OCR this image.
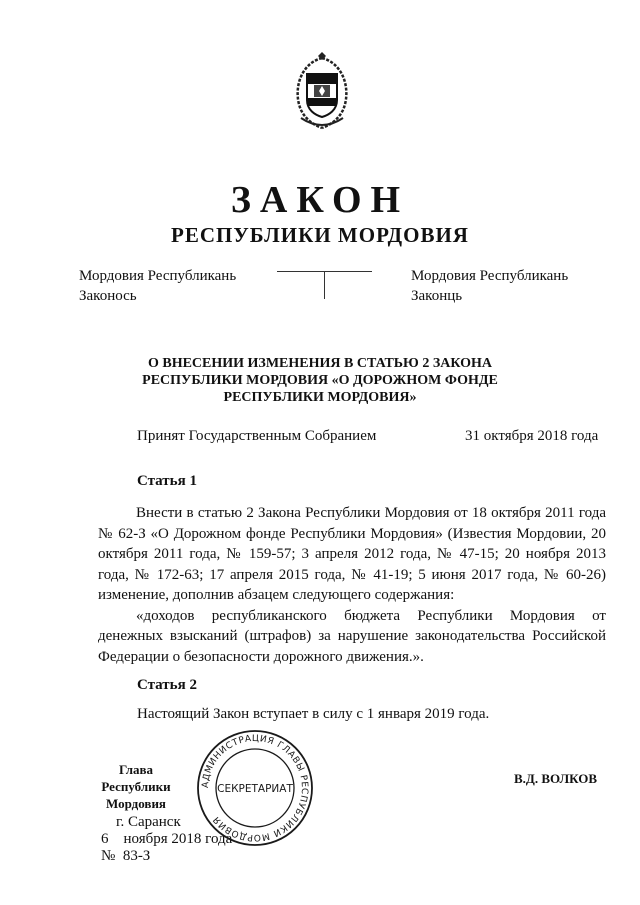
ЗАКОН
РЕСПУБЛИКИ МОРДОВИЯ
Мордовия Республикань
Законось
Мордовия Республикань
Законць
О ВНЕСЕНИИ ИЗМЕНЕНИЯ В СТАТЬЮ 2 ЗАКОНА
РЕСПУБЛИКИ МОРДОВИЯ «О ДОРОЖНОМ ФОНДЕ
РЕСПУБЛИКИ МОРДОВИЯ»
Принят Государственным Собранием	31 октября 2018 года
Статья 1

Внести в статью 2 Закона Республики Мордовия от 18 октября 2011 года № 62-З «О Дорожном фонде Республики Мордовия» (Известия Мордовии, 20 октября 2011 года, № 159-57; 3 апреля 2012 года, № 47-15; 20 ноября 2013 года, № 172-63; 17 апреля 2015 года, № 41-19; 5 июня 2017 года, № 60-26) изменение, дополнив абзацем следующего содержания:

«доходов республиканского бюджета Республики Мордовия от денежных взысканий (штрафов) за нарушение законодательства Российской Федерации о безопасности дорожного движения.».

Статья 2
Настоящий Закон вступает в силу с 1 января 2019 года.
Глава
Республики Мордовия
В.Д. ВОЛКОВ
г. Саранск
6 ноября 2018 года
№ 83-З
АДМИНИСТРАЦИЯ ГЛАВЫ РЕСПУБЛИКИ МОРДОВИЯ
СЕКРЕТАРИАТ
